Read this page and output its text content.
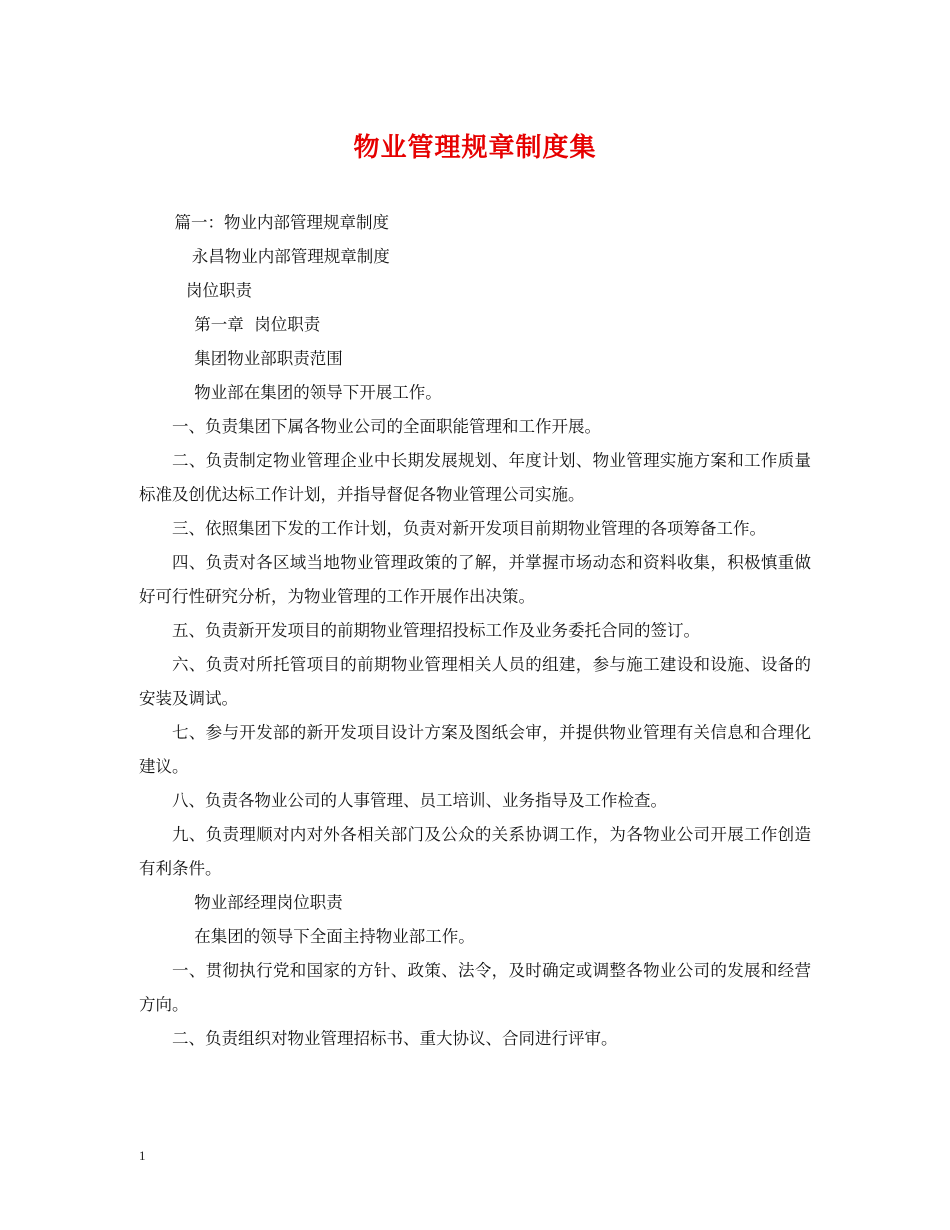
物业管理规章制度集

篇一：物业内部管理规章制度

永昌物业内部管理规章制度

岗位职责

第一章  岗位职责

集团物业部职责范围

物业部在集团的领导下开展工作。

一、负责集团下属各物业公司的全面职能管理和工作开展。

二、负责制定物业管理企业中长期发展规划、年度计划、物业管理实施方案和工作质量标准及创优达标工作计划，并指导督促各物业管理公司实施。

三、依照集团下发的工作计划，负责对新开发项目前期物业管理的各项筹备工作。

四、负责对各区域当地物业管理政策的了解，并掌握市场动态和资料收集，积极慎重做好可行性研究分析，为物业管理的工作开展作出决策。

五、负责新开发项目的前期物业管理招投标工作及业务委托合同的签订。

六、负责对所托管项目的前期物业管理相关人员的组建，参与施工建设和设施、设备的安装及调试。

七、参与开发部的新开发项目设计方案及图纸会审，并提供物业管理有关信息和合理化建议。

八、负责各物业公司的人事管理、员工培训、业务指导及工作检查。

九、负责理顺对内对外各相关部门及公众的关系协调工作，为各物业公司开展工作创造有利条件。

物业部经理岗位职责

在集团的领导下全面主持物业部工作。

一、贯彻执行党和国家的方针、政策、法令，及时确定或调整各物业公司的发展和经营方向。

二、负责组织对物业管理招标书、重大协议、合同进行评审。

1
